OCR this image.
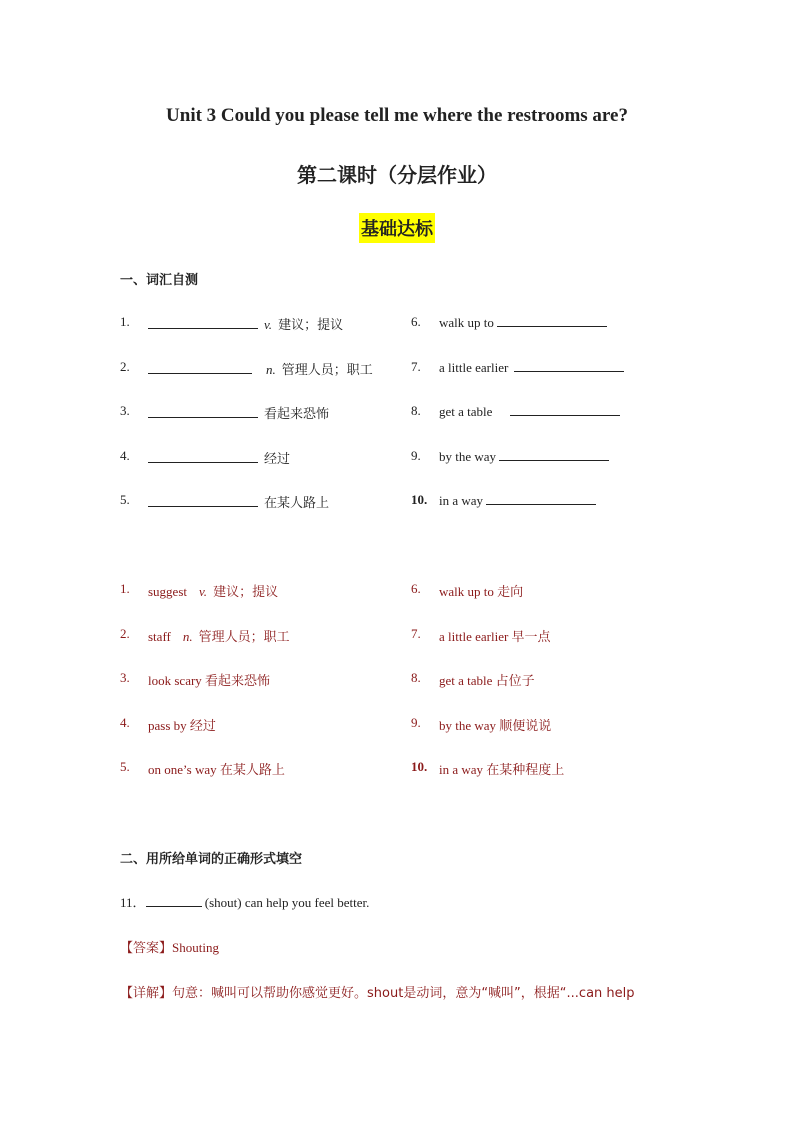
Unit 3 Could you please tell me where the restrooms are?
第二课时（分层作业）
基础达标
一、词汇自测
1.	v. 建议；提议
2.	n. 管理人员；职工
3.	看起来恐怖
4.	经过
5.	在某人路上
6. walk up to
7. a little earlier
8. get a table
9. by the way
10. in a way
1. suggest v. 建议；提议
2. staff n. 管理人员；职工
3. look scary 看起来恐怖
4. pass by 经过
5. on one’s way 在某人路上
6. walk up to 走向
7. a little earlier 早一点
8. get a table 占位子
9. by the way 顺便说说
10. in a way 在某种程度上
二、用所给单词的正确形式填空
11．	(shout) can help you feel better.
【答案】Shouting
【详解】句意：喊叫可以帮助你感觉更好。shout是动词，意为“喊叫”，根据“...can help
